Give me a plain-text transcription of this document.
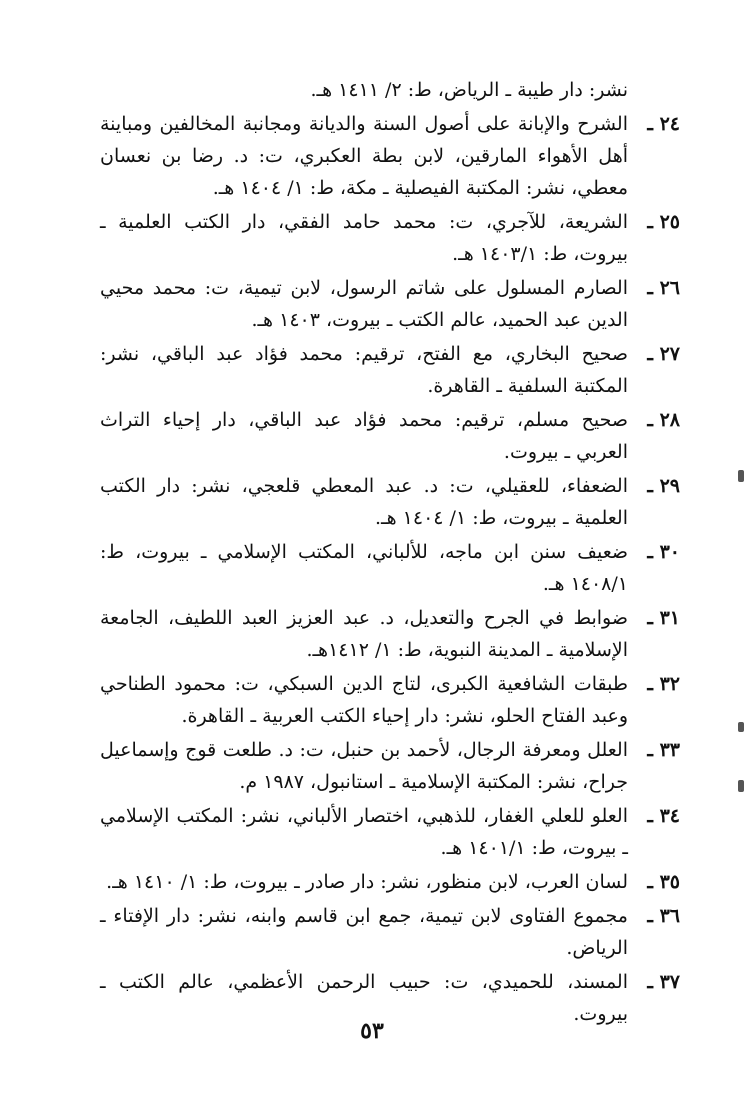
نشر: دار طيبة ـ الرياض، ط: ٢/ ١٤١١ هـ.
٢٤ ـ
الشرح والإبانة على أصول السنة والديانة ومجانبة المخالفين ومباينة أهل الأهواء المارقين، لابن بطة العكبري، ت: د. رضا بن نعسان معطي، نشر: المكتبة الفيصلية ـ مكة، ط: ١/ ١٤٠٤ هـ.
٢٥ ـ
الشريعة، للآجري، ت: محمد حامد الفقي، دار الكتب العلمية ـ بيروت، ط: ١٤٠٣/١ هـ.
٢٦ ـ
الصارم المسلول على شاتم الرسول، لابن تيمية، ت: محمد محيي الدين عبد الحميد، عالم الكتب ـ بيروت، ١٤٠٣ هـ.
٢٧ ـ
صحيح البخاري، مع الفتح، ترقيم: محمد فؤاد عبد الباقي، نشر: المكتبة السلفية ـ القاهرة.
٢٨ ـ
صحيح مسلم، ترقيم: محمد فؤاد عبد الباقي، دار إحياء التراث العربي ـ بيروت.
٢٩ ـ
الضعفاء، للعقيلي، ت: د. عبد المعطي قلعجي، نشر: دار الكتب العلمية ـ بيروت، ط: ١/ ١٤٠٤ هـ.
٣٠ ـ
ضعيف سنن ابن ماجه، للألباني، المكتب الإسلامي ـ بيروت، ط: ١٤٠٨/١ هـ.
٣١ ـ
ضوابط في الجرح والتعديل، د. عبد العزيز العبد اللطيف، الجامعة الإسلامية ـ المدينة النبوية، ط: ١/ ١٤١٢هـ.
٣٢ ـ
طبقات الشافعية الكبرى، لتاج الدين السبكي، ت: محمود الطناحي وعبد الفتاح الحلو، نشر: دار إحياء الكتب العربية ـ القاهرة.
٣٣ ـ
العلل ومعرفة الرجال، لأحمد بن حنبل، ت: د. طلعت قوج وإسماعيل جراح، نشر: المكتبة الإسلامية ـ استانبول، ١٩٨٧ م.
٣٤ ـ
العلو للعلي الغفار، للذهبي، اختصار الألباني، نشر: المكتب الإسلامي ـ بيروت، ط: ١٤٠١/١ هـ.
٣٥ ـ
لسان العرب، لابن منظور، نشر: دار صادر ـ بيروت، ط: ١/ ١٤١٠ هـ.
٣٦ ـ
مجموع الفتاوى لابن تيمية، جمع ابن قاسم وابنه، نشر: دار الإفتاء ـ الرياض.
٣٧ ـ
المسند، للحميدي، ت: حبيب الرحمن الأعظمي، عالم الكتب ـ بيروت.
٥٣
